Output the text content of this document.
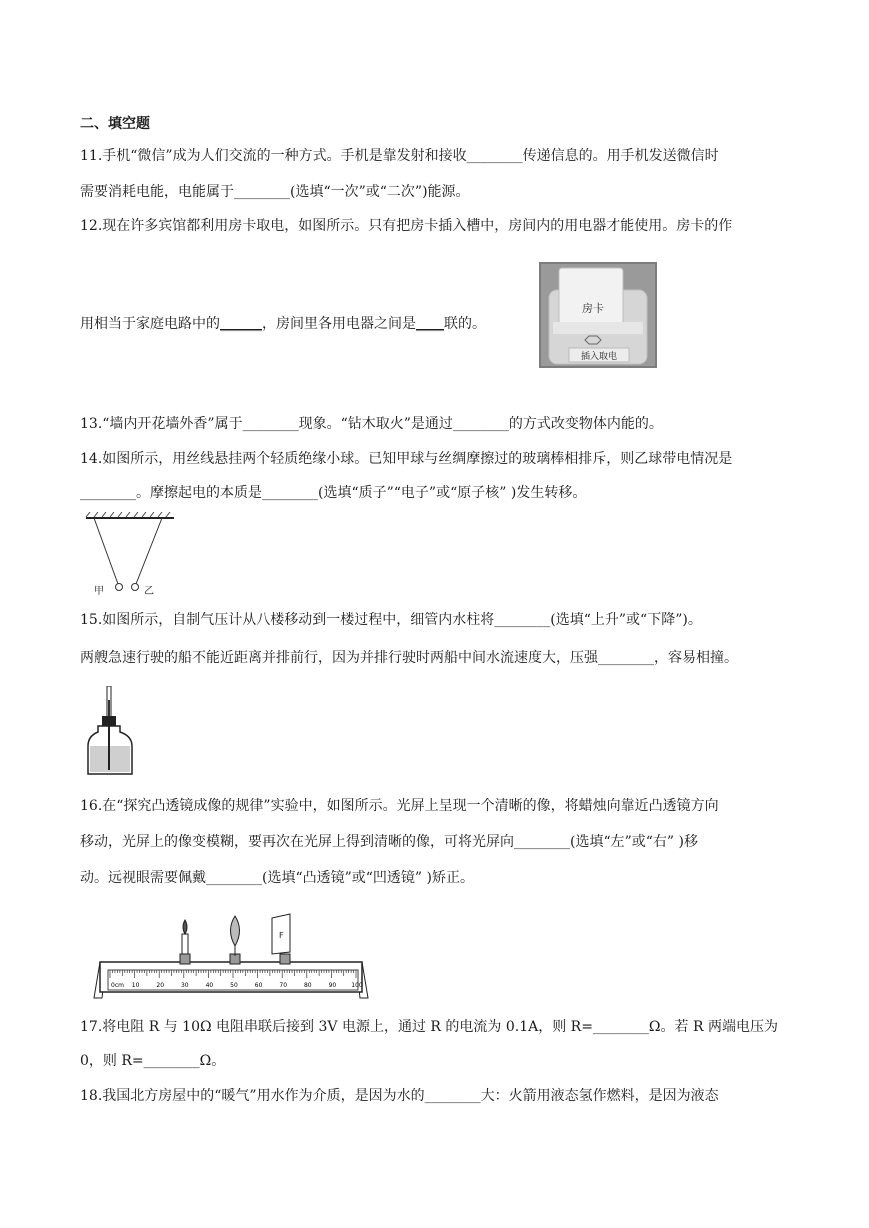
二、填空题
11.手机“微信”成为人们交流的一种方式。手机是靠发射和接收________传递信息的。用手机发送微信时
需要消耗电能，电能属于________(选填“一次”或“二次”)能源。
12.现在许多宾馆都利用房卡取电，如图所示。只有把房卡插入槽中，房间内的用电器才能使用。房卡的作
用相当于家庭电路中的______，房间里各用电器之间是____联的。
房卡
插入取电
13.“墙内开花墙外香”属于________现象。“钻木取火”是通过________的方式改变物体内能的。
14.如图所示，用丝线悬挂两个轻质绝缘小球。已知甲球与丝绸摩擦过的玻璃棒相排斥，则乙球带电情况是
________。摩擦起电的本质是________(选填“质子”“电子”或“原子核” )发生转移。
甲	乙
15.如图所示，自制气压计从八楼移动到一楼过程中，细管内水柱将________(选填“上升”或“下降”)。
两艘急速行驶的船不能近距离并排前行，因为并排行驶时两船中间水流速度大，压强________，容易相撞。
16.在“探究凸透镜成像的规律”实验中，如图所示。光屏上呈现一个清晰的像，将蜡烛向靠近凸透镜方向
移动，光屏上的像变模糊，要再次在光屏上得到清晰的像，可将光屏向________(选填“左”或“右” )移
动。远视眼需要佩戴________(选填“凸透镜”或“凹透镜” )矫正。
0cm 10	20	30	40	50	60	70	80	90	100
F
17.将电阻 R 与 10Ω 电阻串联后接到 3V 电源上，通过 R 的电流为 0.1A，则 R=________Ω。若 R 两端电压为
0，则 R=________Ω。
18.我国北方房屋中的“暖气”用水作为介质，是因为水的________大：火箭用液态氢作燃料，是因为液态
